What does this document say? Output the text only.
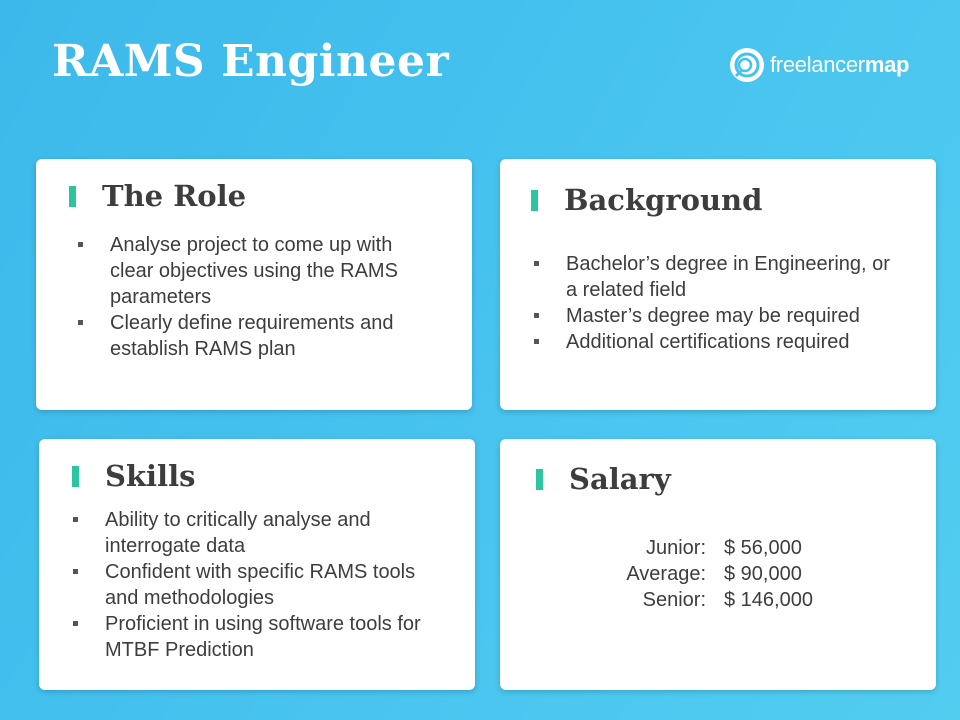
RAMS Engineer	freelancermap
The Role
Analyse project to come up with clear objectives using the RAMS parameters
Clearly define requirements and establish RAMS plan
Background
Bachelor’s degree in Engineering, or a related field
Master’s degree may be required
Additional certifications required
Skills
Ability to critically analyse and interrogate data
Confident with specific RAMS tools and methodologies
Proficient in using software tools for MTBF Prediction
Salary
Junior: $ 56,000
Average: $ 90,000
Senior: $ 146,000
